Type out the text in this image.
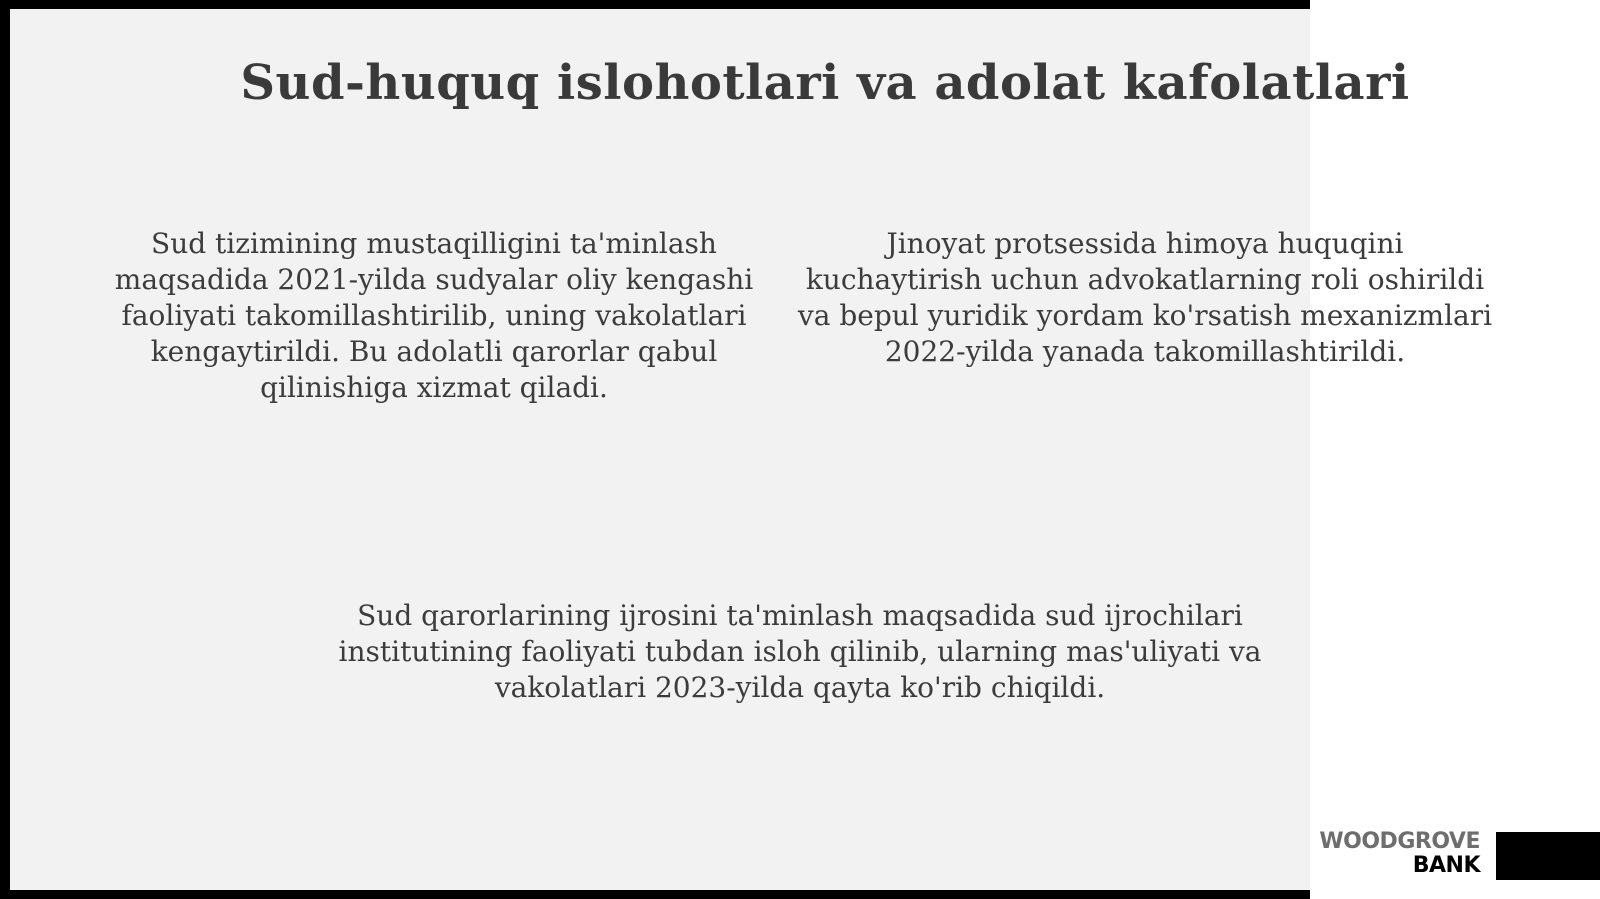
Sud-huquq islohotlari va adolat kafolatlari
Sud tizimining mustaqilligini ta'minlash maqsadida 2021-yilda sudyalar oliy kengashi faoliyati takomillashtirilib, uning vakolatlari kengaytirildi. Bu adolatli qarorlar qabul qilinishiga xizmat qiladi.
Jinoyat protsessida himoya huquqini kuchaytirish uchun advokatlarning roli oshirildi va bepul yuridik yordam ko'rsatish mexanizmlari 2022-yilda yanada takomillashtirildi.
Sud qarorlarining ijrosini ta'minlash maqsadida sud ijrochilari institutining faoliyati tubdan isloh qilinib, ularning mas'uliyati va vakolatlari 2023-yilda qayta ko'rib chiqildi.
WOODGROVE
BANK
